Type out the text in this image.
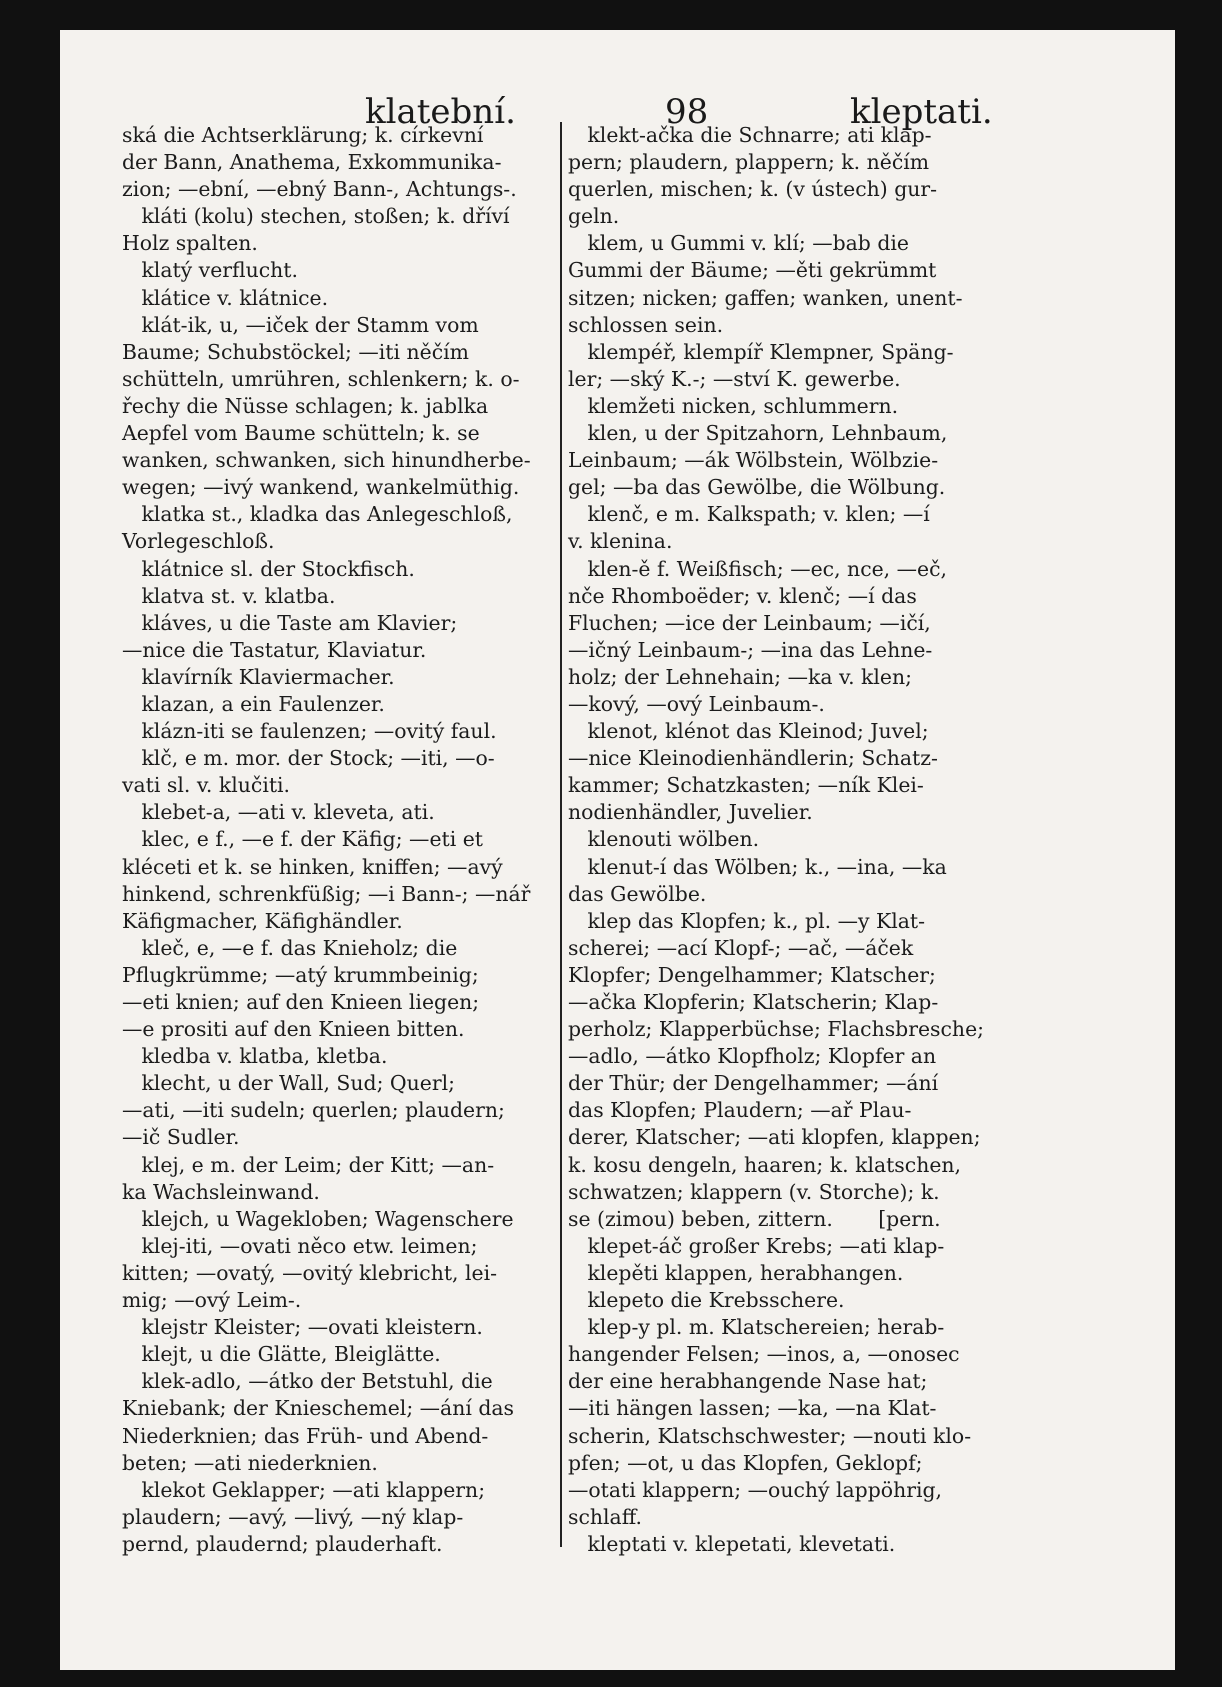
klatební.	98	kleptati.
ská die Achtserklärung; k. církevní
der Bann, Anathema, Exkommunika-
zion; —ební, —ebný Bann-, Achtungs-.
kláti (kolu) stechen, stoßen; k. dříví
Holz spalten.
klatý verflucht.
klátice v. klátnice.
klát-ik, u, —iček der Stamm vom
Baume; Schubstöckel; —iti něčím
schütteln, umrühren, schlenkern; k. o-
řechy die Nüsse schlagen; k. jablka
Aepfel vom Baume schütteln; k. se
wanken, schwanken, sich hinundherbe-
wegen; —ivý wankend, wankelmüthig.
klatka st., kladka das Anlegeschloß,
Vorlegeschloß.
klátnice sl. der Stockfisch.
klatva st. v. klatba.
kláves, u die Taste am Klavier;
—nice die Tastatur, Klaviatur.
klavírník Klaviermacher.
klazan, a ein Faulenzer.
klázn-iti se faulenzen; —ovitý faul.
klč, e m. mor. der Stock; —iti, —o-
vati sl. v. klučiti.
klebet-a, —ati v. kleveta, ati.
klec, e f., —e f. der Käfig; —eti et
kléceti et k. se hinken, kniffen; —avý
hinkend, schrenkfüßig; —i Bann-; —nář
Käfigmacher, Käfighändler.
kleč, e, —e f. das Knieholz; die
Pflugkrümme; —atý krummbeinig;
—eti knien; auf den Knieen liegen;
—e prositi auf den Knieen bitten.
kledba v. klatba, kletba.
klecht, u der Wall, Sud; Querl;
—ati, —iti sudeln; querlen; plaudern;
—ič Sudler.
klej, e m. der Leim; der Kitt; —an-
ka Wachsleinwand.
klejch, u Wagekloben; Wagenschere
klej-iti, —ovati něco etw. leimen;
kitten; —ovatý, —ovitý klebricht, lei-
mig; —ový Leim-.
klejstr Kleister; —ovati kleistern.
klejt, u die Glätte, Bleiglätte.
klek-adlo, —átko der Betstuhl, die
Kniebank; der Knieschemel; —ání das
Niederknien; das Früh- und Abend-
beten; —ati niederknien.
klekot Geklapper; —ati klappern;
plaudern; —avý, —livý, —ný klap-
pernd, plaudernd; plauderhaft.
klekt-ačka die Schnarre; ati klap-
pern; plaudern, plappern; k. něčím
querlen, mischen; k. (v ústech) gur-
geln.
klem, u Gummi v. klí; —bab die
Gummi der Bäume; —ěti gekrümmt
sitzen; nicken; gaffen; wanken, unent-
schlossen sein.
klempéř, klempíř Klempner, Späng-
ler; —ský K.-; —ství K. gewerbe.
klemžeti nicken, schlummern.
klen, u der Spitzahorn, Lehnbaum,
Leinbaum; —ák Wölbstein, Wölbzie-
gel; —ba das Gewölbe, die Wölbung.
klenč, e m. Kalkspath; v. klen; —í
v. klenina.
klen-ě f. Weißfisch; —ec, nce, —eč,
nče Rhomboëder; v. klenč; —í das
Fluchen; —ice der Leinbaum; —ičí,
—ičný Leinbaum-; —ina das Lehne-
holz; der Lehnehain; —ka v. klen;
—kový, —ový Leinbaum-.
klenot, klénot das Kleinod; Juvel;
—nice Kleinodienhändlerin; Schatz-
kammer; Schatzkasten; —ník Klei-
nodienhändler, Juvelier.
klenouti wölben.
klenut-í das Wölben; k., —ina, —ka
das Gewölbe.
klep das Klopfen; k., pl. —y Klat-
scherei; —ací Klopf-; —ač, —áček
Klopfer; Dengelhammer; Klatscher;
—ačka Klopferin; Klatscherin; Klap-
perholz; Klapperbüchse; Flachsbresche;
—adlo, —átko Klopfholz; Klopfer an
der Thür; der Dengelhammer; —ání
das Klopfen; Plaudern; —ař Plau-
derer, Klatscher; —ati klopfen, klappen;
k. kosu dengeln, haaren; k. klatschen,
schwatzen; klappern (v. Storche); k.
se (zimou) beben, zittern.       [pern.
klepet-áč großer Krebs; —ati klap-
klepěti klappen, herabhangen.
klepeto die Krebsschere.
klep-y pl. m. Klatschereien; herab-
hangender Felsen; —inos, a, —onosec
der eine herabhangende Nase hat;
—iti hängen lassen; —ka, —na Klat-
scherin, Klatschschwester; —nouti klo-
pfen; —ot, u das Klopfen, Geklopf;
—otati klappern; —ouchý lappöhrig,
schlaff.
kleptati v. klepetati, klevetati.
